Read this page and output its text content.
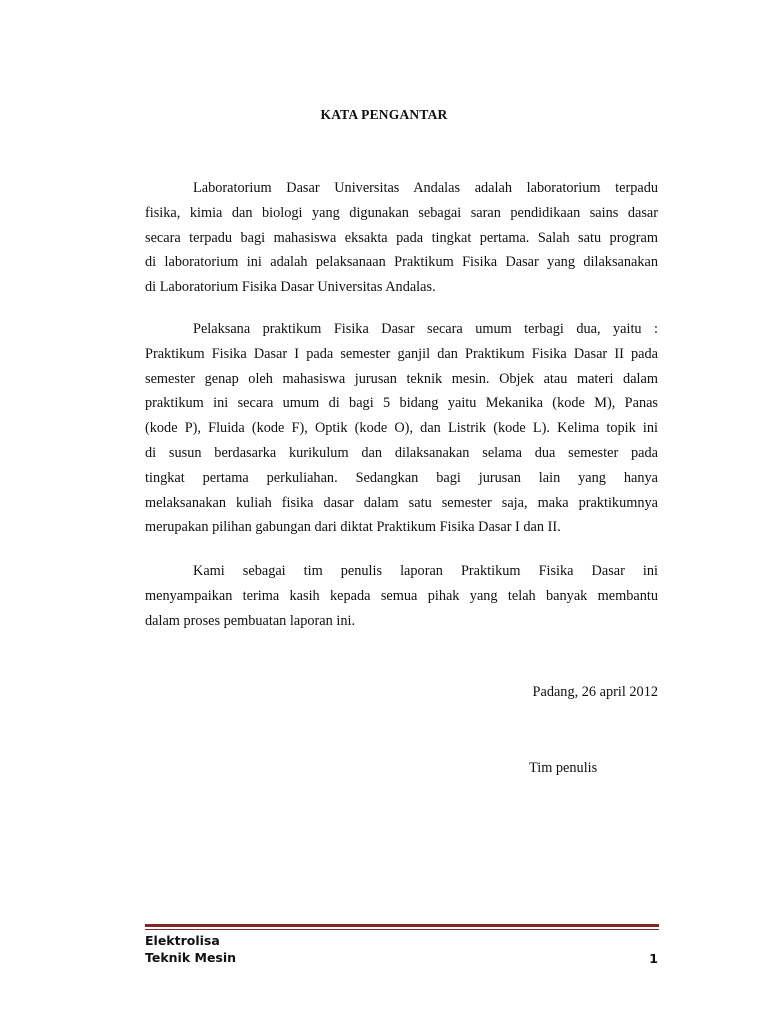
KATA PENGANTAR
Laboratorium Dasar Universitas Andalas adalah laboratorium terpadu
fisika, kimia dan biologi yang digunakan sebagai saran pendidikaan sains dasar
secara terpadu bagi mahasiswa eksakta pada tingkat pertama. Salah satu program
di laboratorium ini adalah pelaksanaan Praktikum Fisika Dasar yang dilaksanakan
di Laboratorium Fisika Dasar Universitas Andalas.
Pelaksana praktikum Fisika Dasar secara umum terbagi dua, yaitu :
Praktikum Fisika Dasar I pada semester ganjil dan Praktikum Fisika Dasar II pada
semester genap oleh mahasiswa jurusan teknik mesin. Objek atau materi dalam
praktikum ini secara umum di bagi 5 bidang yaitu Mekanika (kode M), Panas
(kode P), Fluida (kode F), Optik (kode O), dan Listrik (kode L). Kelima topik ini
di susun berdasarka kurikulum dan dilaksanakan selama dua semester pada
tingkat pertama perkuliahan. Sedangkan bagi jurusan lain yang hanya
melaksanakan kuliah fisika dasar dalam satu semester saja, maka praktikumnya
merupakan pilihan gabungan dari diktat Praktikum Fisika Dasar I dan II.
Kami sebagai tim penulis laporan Praktikum Fisika Dasar ini
menyampaikan terima kasih kepada semua pihak yang telah banyak membantu
dalam proses pembuatan laporan ini.

Padang, 26 april 2012

Tim penulis

Elektrolisa
Teknik Mesin	1
